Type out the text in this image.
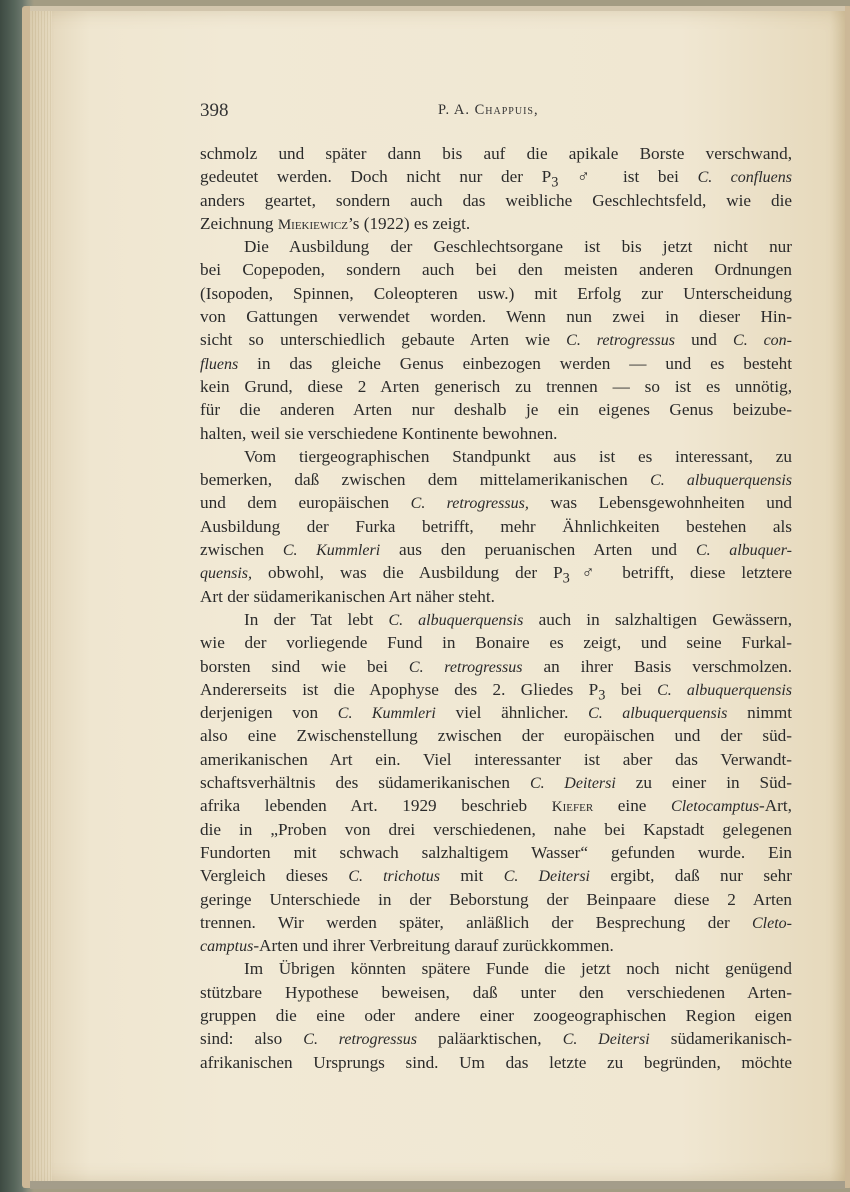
398	P. A. Chappuis,
schmolz und später dann bis auf die apikale Borste verschwand,
gedeutet werden. Doch nicht nur der $P_3$ ♂ ist bei C. confluens
anders geartet, sondern auch das weibliche Geschlechtsfeld, wie die
Zeichnung Miekiewicz’s (1922) es zeigt.
Die Ausbildung der Geschlechtsorgane ist bis jetzt nicht nur
bei Copepoden, sondern auch bei den meisten anderen Ordnungen
(Isopoden, Spinnen, Coleopteren usw.) mit Erfolg zur Unterscheidung
von Gattungen verwendet worden. Wenn nun zwei in dieser Hin-
sicht so unterschiedlich gebaute Arten wie C. retrogressus und C. con-
fluens in das gleiche Genus einbezogen werden — und es besteht
kein Grund, diese 2 Arten generisch zu trennen — so ist es unnötig,
für die anderen Arten nur deshalb je ein eigenes Genus beizube-
halten, weil sie verschiedene Kontinente bewohnen.
Vom tiergeographischen Standpunkt aus ist es interessant, zu
bemerken, daß zwischen dem mittelamerikanischen C. albuquerquensis
und dem europäischen C. retrogressus, was Lebensgewohnheiten und
Ausbildung der Furka betrifft, mehr Ähnlichkeiten bestehen als
zwischen C. Kummleri aus den peruanischen Arten und C. albuquer-
quensis, obwohl, was die Ausbildung der $P_3♂$ betrifft, diese letztere
Art der südamerikanischen Art näher steht.
In der Tat lebt C. albuquerquensis auch in salzhaltigen Gewässern,
wie der vorliegende Fund in Bonaire es zeigt, und seine Furkal-
borsten sind wie bei C. retrogressus an ihrer Basis verschmolzen.
Andererseits ist die Apophyse des 2. Gliedes $P_3$ bei C. albuquerquensis
derjenigen von C. Kummleri viel ähnlicher. C. albuquerquensis nimmt
also eine Zwischenstellung zwischen der europäischen und der süd-
amerikanischen Art ein. Viel interessanter ist aber das Verwandt-
schaftsverhältnis des südamerikanischen C. Deitersi zu einer in Süd-
afrika lebenden Art. 1929 beschrieb Kiefer eine Cletocamptus-Art,
die in „Proben von drei verschiedenen, nahe bei Kapstadt gelegenen
Fundorten mit schwach salzhaltigem Wasser“ gefunden wurde. Ein
Vergleich dieses C. trichotus mit C. Deitersi ergibt, daß nur sehr
geringe Unterschiede in der Beborstung der Beinpaare diese 2 Arten
trennen. Wir werden später, anläßlich der Besprechung der Cleto-
camptus-Arten und ihrer Verbreitung darauf zurückkommen.
Im Übrigen könnten spätere Funde die jetzt noch nicht genügend
stützbare Hypothese beweisen, daß unter den verschiedenen Arten-
gruppen die eine oder andere einer zoogeographischen Region eigen
sind: also C. retrogressus paläarktischen, C. Deitersi südamerikanisch-
afrikanischen Ursprungs sind. Um das letzte zu begründen, möchte
